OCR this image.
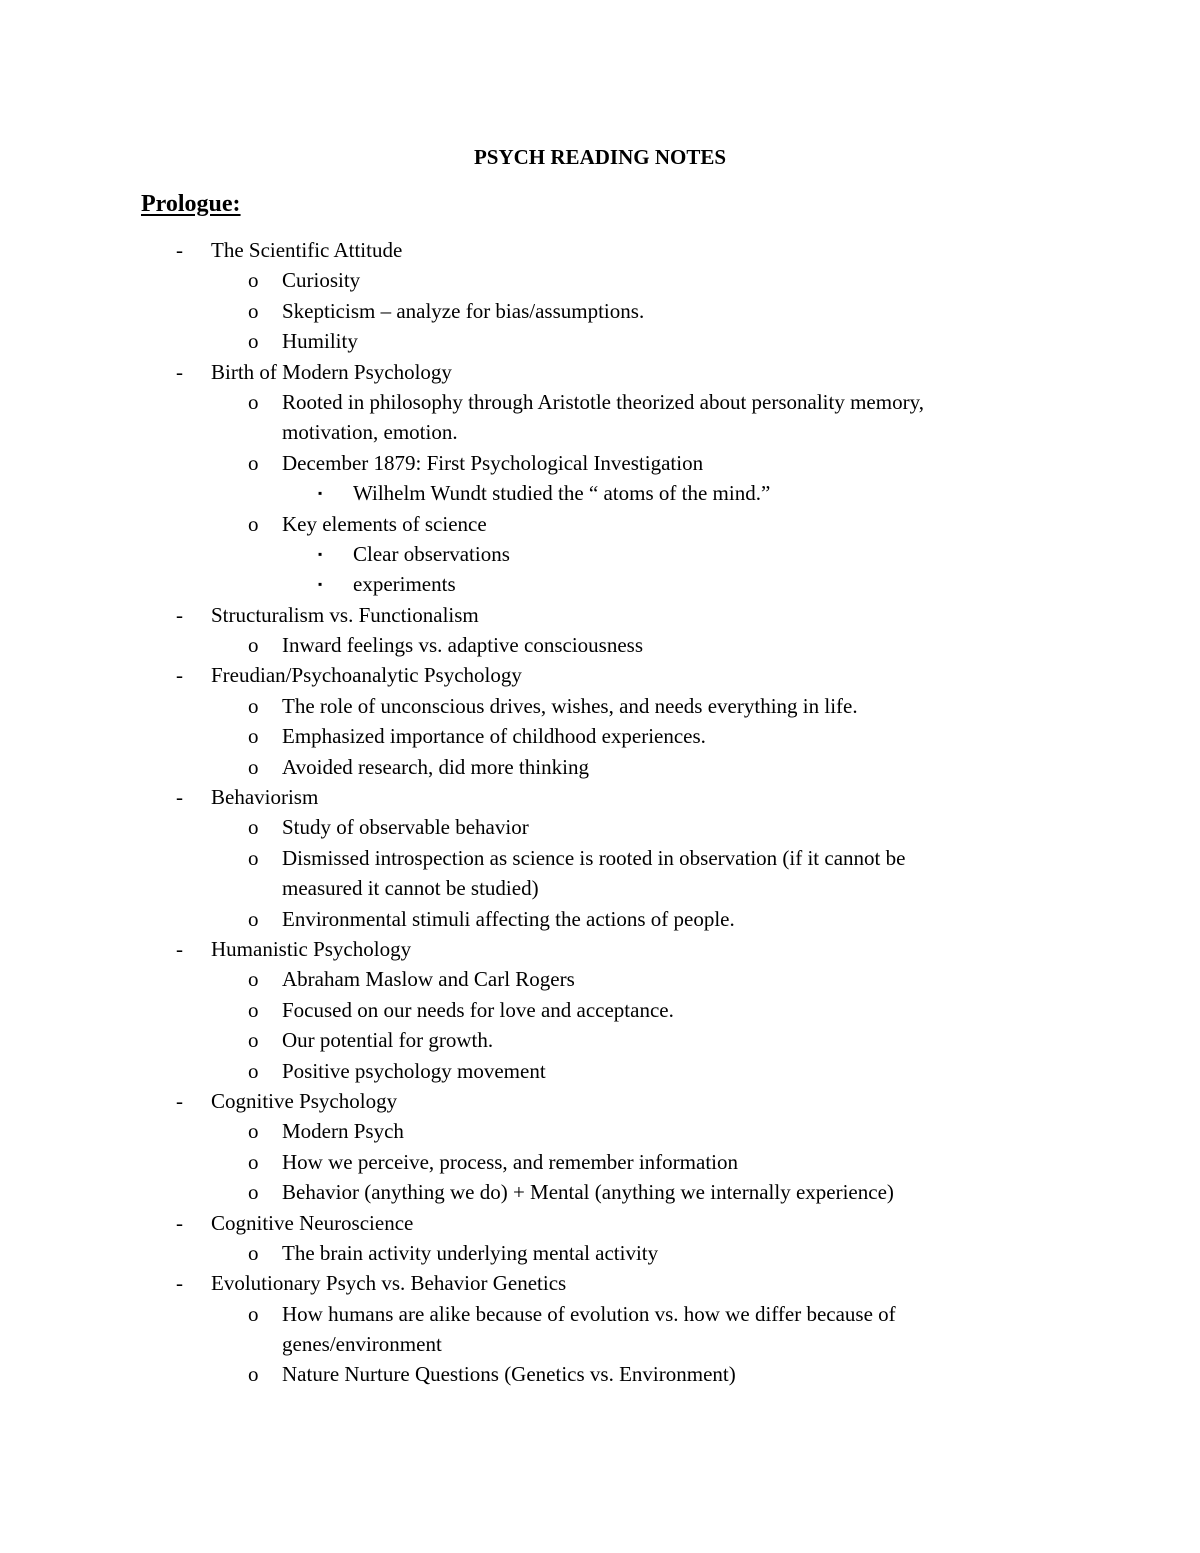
PSYCH READING NOTES
Prologue:
- The Scientific Attitude
o Curiosity
o Skepticism – analyze for bias/assumptions.
o Humility
- Birth of Modern Psychology
o Rooted in philosophy through Aristotle theorized about personality memory,
motivation, emotion.
o December 1879: First Psychological Investigation
▪ Wilhelm Wundt studied the “ atoms of the mind.”
o Key elements of science
▪ Clear observations
▪ experiments
- Structuralism vs. Functionalism
o Inward feelings vs. adaptive consciousness
- Freudian/Psychoanalytic Psychology
o The role of unconscious drives, wishes, and needs everything in life.
o Emphasized importance of childhood experiences.
o Avoided research, did more thinking
- Behaviorism
o Study of observable behavior
o Dismissed introspection as science is rooted in observation (if it cannot be
measured it cannot be studied)
o Environmental stimuli affecting the actions of people.
- Humanistic Psychology
o Abraham Maslow and Carl Rogers
o Focused on our needs for love and acceptance.
o Our potential for growth.
o Positive psychology movement
- Cognitive Psychology
o Modern Psych
o How we perceive, process, and remember information
o Behavior (anything we do) + Mental (anything we internally experience)
- Cognitive Neuroscience
o The brain activity underlying mental activity
- Evolutionary Psych vs. Behavior Genetics
o How humans are alike because of evolution vs. how we differ because of
genes/environment
o Nature Nurture Questions (Genetics vs. Environment)
